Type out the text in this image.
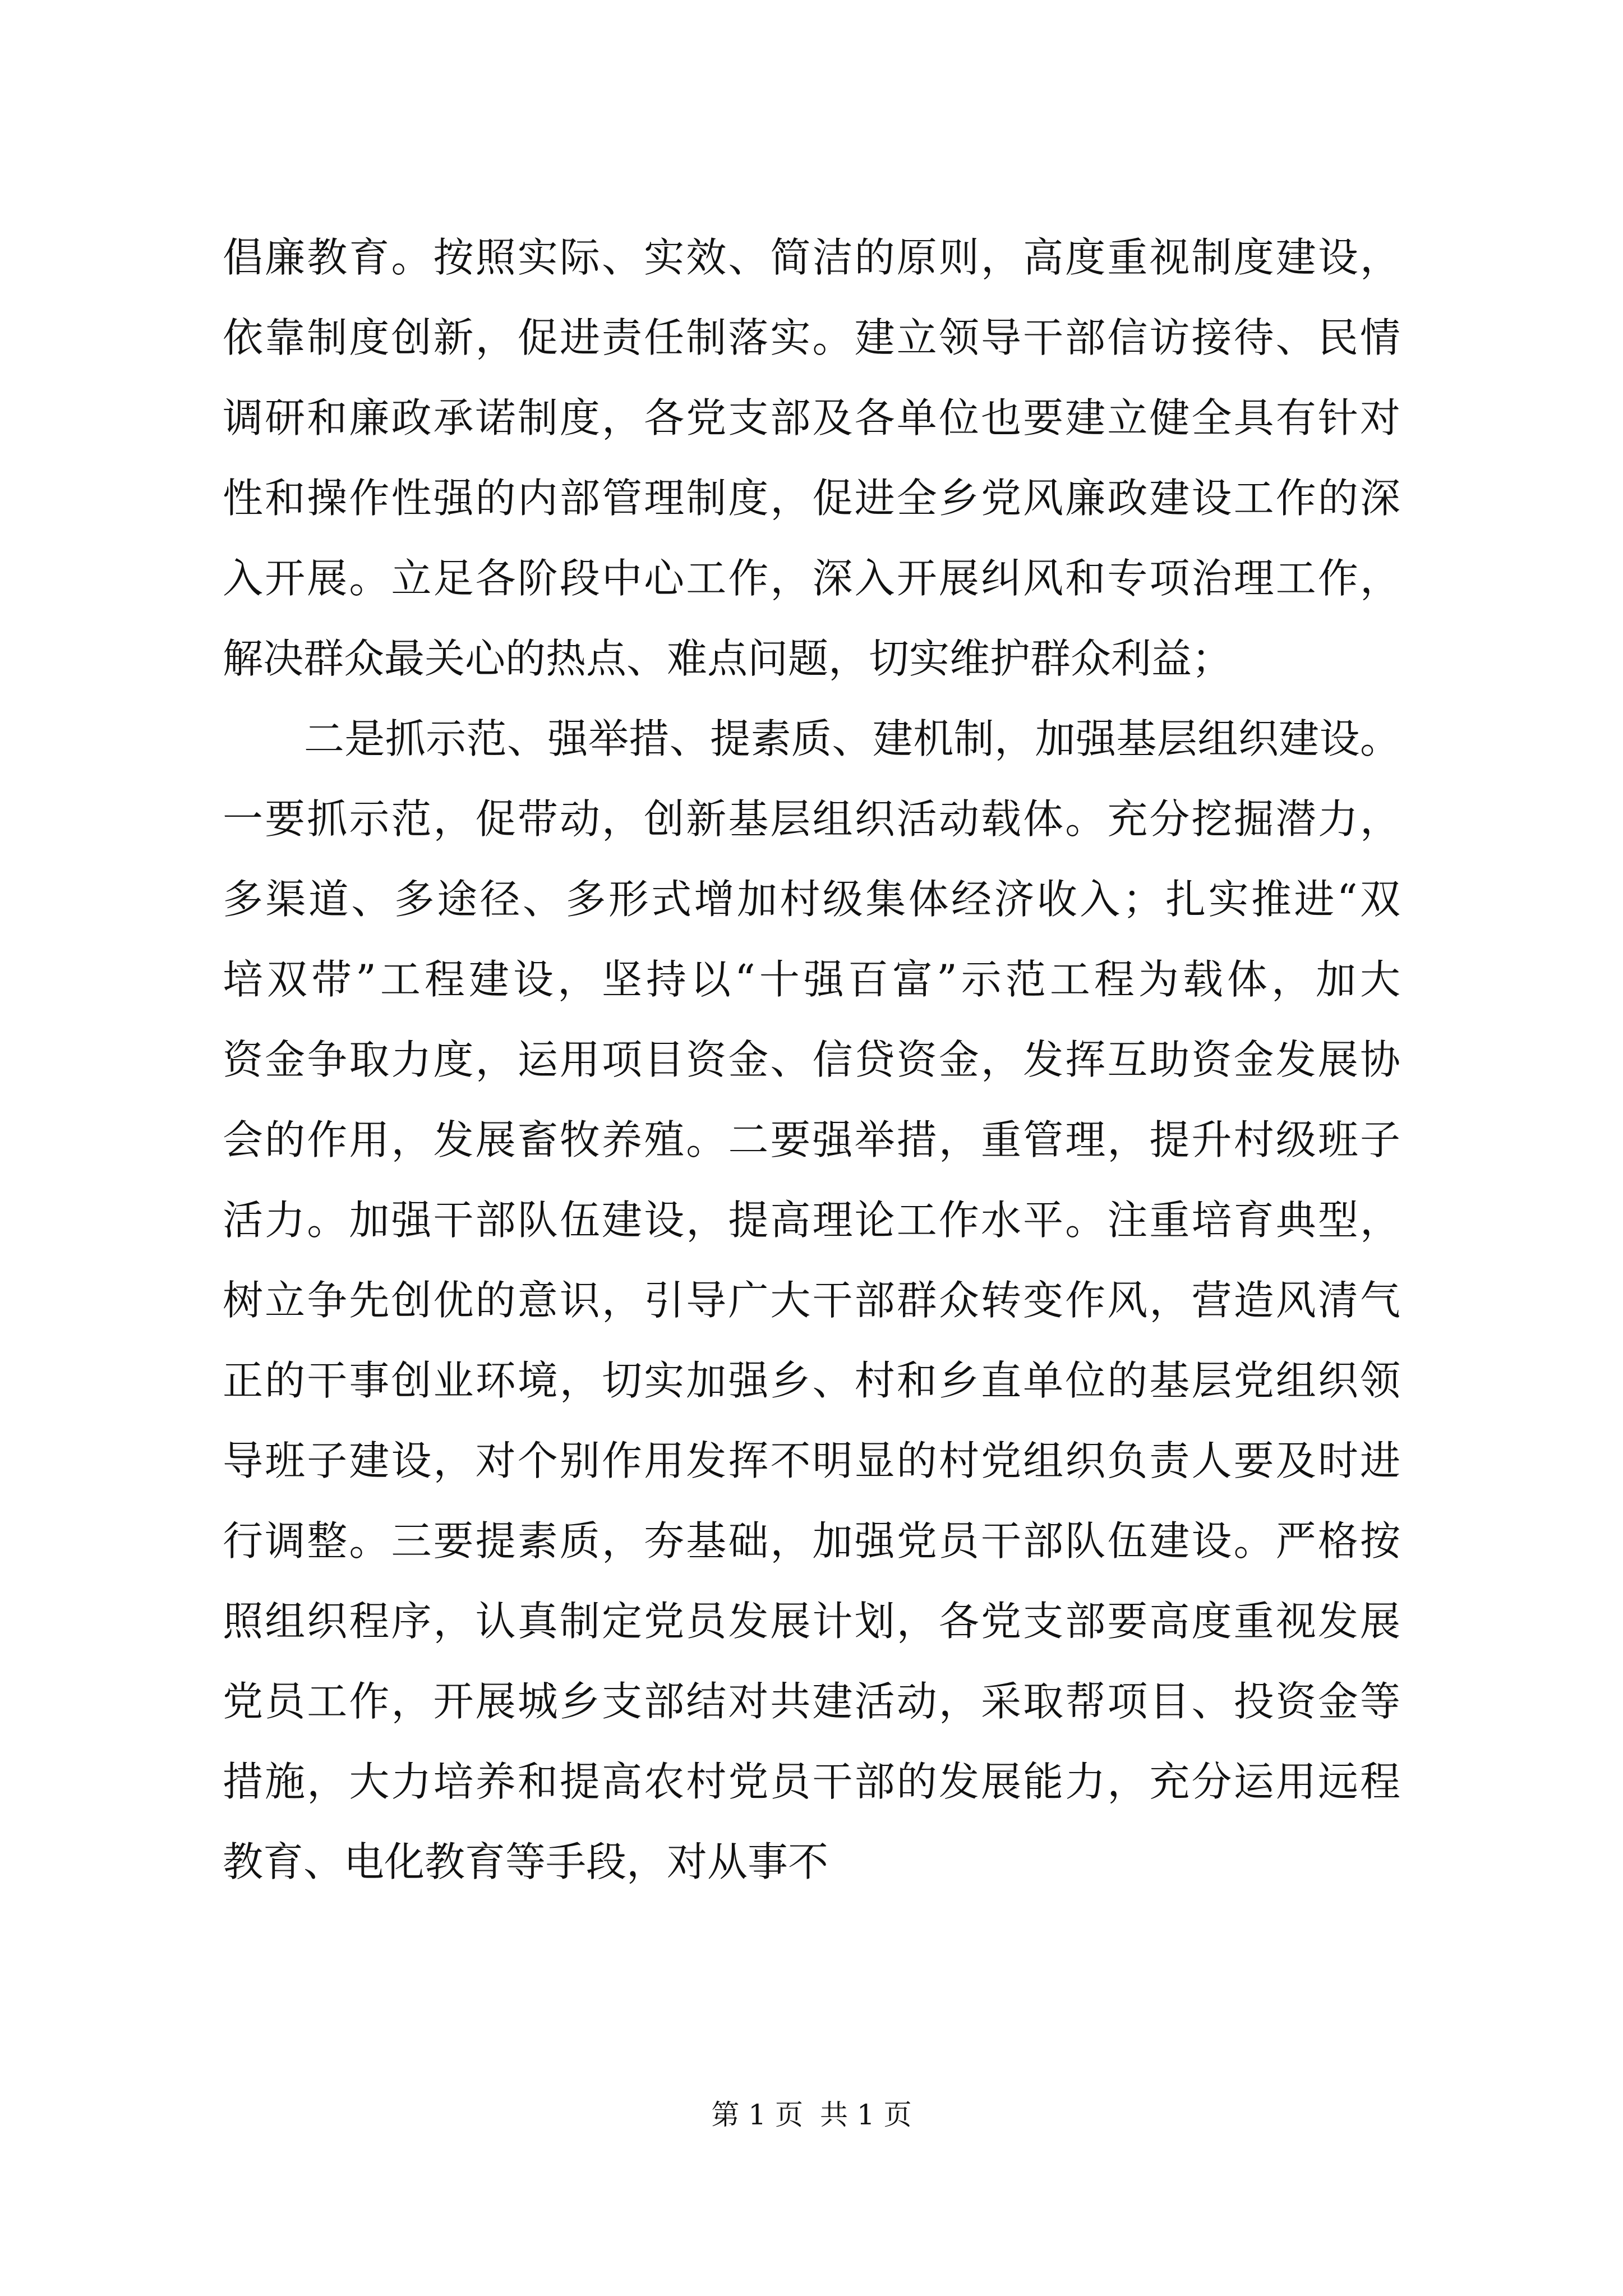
倡廉教育。按照实际、实效、简洁的原则，高度重视制度建设，
依靠制度创新，促进责任制落实。建立领导干部信访接待、民情
调研和廉政承诺制度，各党支部及各单位也要建立健全具有针对
性和操作性强的内部管理制度，促进全乡党风廉政建设工作的深
入开展。立足各阶段中心工作，深入开展纠风和专项治理工作，
解决群众最关心的热点、难点问题，切实维护群众利益；
　　二是抓示范、强举措、提素质、建机制，加强基层组织建设。
一要抓示范，促带动，创新基层组织活动载体。充分挖掘潜力，
多渠道、多途径、多形式增加村级集体经济收入；扎实推进“双
培双带”工程建设，坚持以“十强百富”示范工程为载体，加大
资金争取力度，运用项目资金、信贷资金，发挥互助资金发展协
会的作用，发展畜牧养殖。二要强举措，重管理，提升村级班子
活力。加强干部队伍建设，提高理论工作水平。注重培育典型，
树立争先创优的意识，引导广大干部群众转变作风，营造风清气
正的干事创业环境，切实加强乡、村和乡直单位的基层党组织领
导班子建设，对个别作用发挥不明显的村党组织负责人要及时进
行调整。三要提素质，夯基础，加强党员干部队伍建设。严格按
照组织程序，认真制定党员发展计划，各党支部要高度重视发展
党员工作，开展城乡支部结对共建活动，采取帮项目、投资金等
措施，大力培养和提高农村党员干部的发展能力，充分运用远程
教育、电化教育等手段，对从事不
第 1 页 共 1 页
